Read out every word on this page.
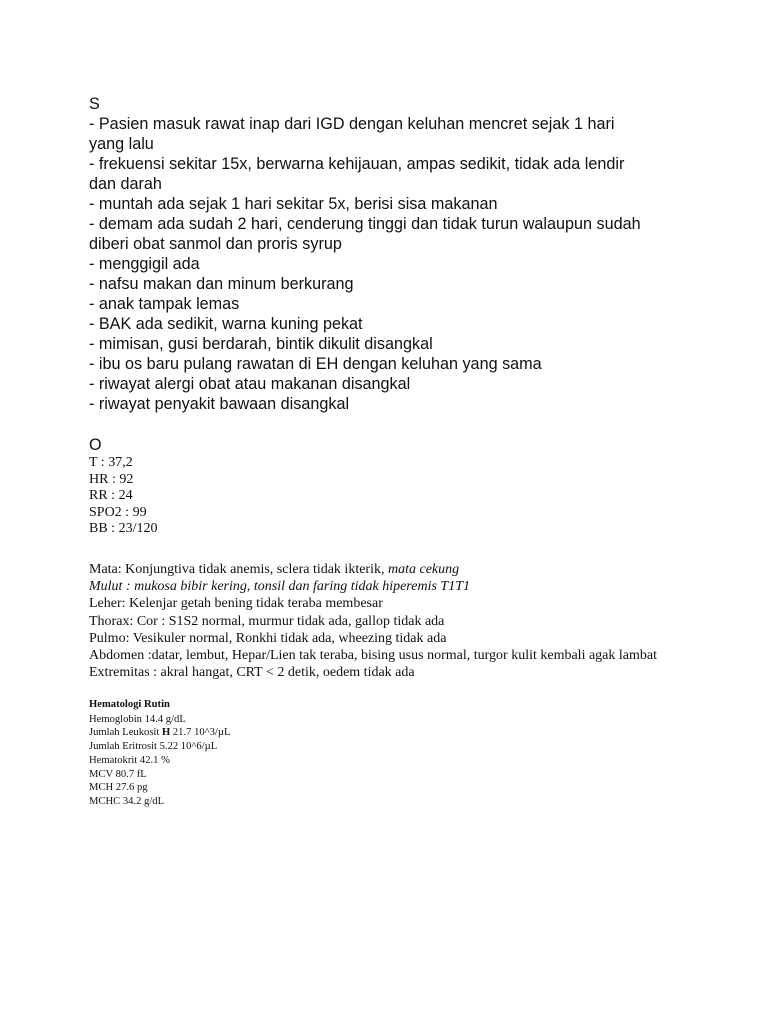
S
- Pasien masuk rawat inap dari IGD dengan keluhan mencret sejak 1 hari
yang lalu
- frekuensi sekitar 15x, berwarna kehijauan, ampas sedikit, tidak ada lendir
dan darah
- muntah ada sejak 1 hari sekitar 5x, berisi sisa makanan
- demam ada sudah 2 hari, cenderung tinggi dan tidak turun walaupun sudah
diberi obat sanmol dan proris syrup
- menggigil ada
- nafsu makan dan minum berkurang
- anak tampak lemas
- BAK ada sedikit, warna kuning pekat
- mimisan, gusi berdarah, bintik dikulit disangkal
- ibu os baru pulang rawatan di EH dengan keluhan yang sama
- riwayat alergi obat atau makanan disangkal
- riwayat penyakit bawaan disangkal
O
T : 37,2
HR : 92
RR : 24
SPO2 : 99
BB : 23/120
Mata: Konjungtiva tidak anemis, sclera tidak ikterik, mata cekung
Mulut : mukosa bibir kering, tonsil dan faring tidak hiperemis T1T1
Leher: Kelenjar getah bening tidak teraba membesar
Thorax: Cor : S1S2 normal, murmur tidak ada, gallop tidak ada
Pulmo: Vesikuler normal, Ronkhi tidak ada, wheezing tidak ada
Abdomen :datar, lembut, Hepar/Lien tak teraba, bising usus normal, turgor kulit kembali agak lambat
Extremitas : akral hangat, CRT < 2 detik, oedem tidak ada
Hematologi Rutin
Hemoglobin 14.4 g/dL
Jumlah Leukosit H 21.7 10^3/µL
Jumlah Eritrosit 5.22 10^6/µL
Hematokrit 42.1 %
MCV 80.7 fL
MCH 27.6 pg
MCHC 34.2 g/dL
